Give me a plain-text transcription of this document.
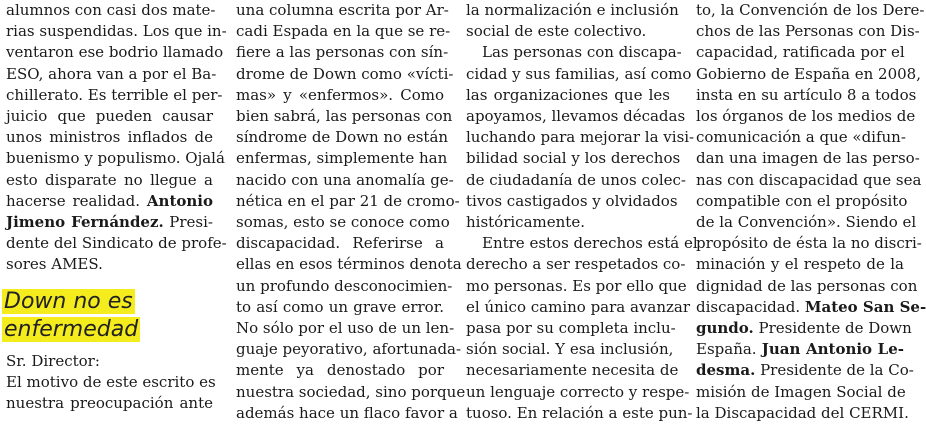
alumnos con casi dos mate-
rias suspendidas. Los que in-
ventaron ese bodrio llamado
ESO, ahora van a por el Ba-
chillerato. Es terrible el per-
juicio que pueden causar
unos ministros inflados de
buenismo y populismo. Ojalá
esto disparate no llegue a
hacerse realidad. Antonio
Jimeno Fernández. Presi-
dente del Sindicato de profe-
sores AMES.
Down no es
enfermedad
Sr. Director:
El motivo de este escrito es
nuestra preocupación ante
una columna escrita por Ar-
cadi Espada en la que se re-
fiere a las personas con sín-
drome de Down como «vícti-
mas» y «enfermos». Como
bien sabrá, las personas con
síndrome de Down no están
enfermas, simplemente han
nacido con una anomalía ge-
nética en el par 21 de cromo-
somas, esto se conoce como
discapacidad. Referirse a
ellas en esos términos denota
un profundo desconocimien-
to así como un grave error.
No sólo por el uso de un len-
guaje peyorativo, afortunada-
mente ya denostado por
nuestra sociedad, sino porque
además hace un flaco favor a
la normalización e inclusión
social de este colectivo.
Las personas con discapa-
cidad y sus familias, así como
las organizaciones que les
apoyamos, llevamos décadas
luchando para mejorar la visi-
bilidad social y los derechos
de ciudadanía de unos colec-
tivos castigados y olvidados
históricamente.
Entre estos derechos está el
derecho a ser respetados co-
mo personas. Es por ello que
el único camino para avanzar
pasa por su completa inclu-
sión social. Y esa inclusión,
necesariamente necesita de
un lenguaje correcto y respe-
tuoso. En relación a este pun-
to, la Convención de los Dere-
chos de las Personas con Dis-
capacidad, ratificada por el
Gobierno de España en 2008,
insta en su artículo 8 a todos
los órganos de los medios de
comunicación a que «difun-
dan una imagen de las perso-
nas con discapacidad que sea
compatible con el propósito
de la Convención». Siendo el
propósito de ésta la no discri-
minación y el respeto de la
dignidad de las personas con
discapacidad. Mateo San Se-
gundo. Presidente de Down
España. Juan Antonio Le-
desma. Presidente de la Co-
misión de Imagen Social de
la Discapacidad del CERMI.
